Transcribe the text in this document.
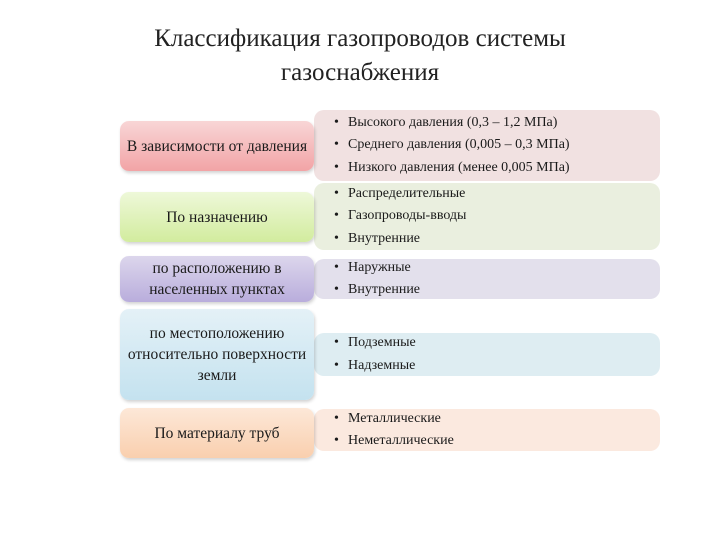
Классификация газопроводов системы
газоснабжения
• Высокого давления (0,3 – 1,2 МПа)
• Среднего давления (0,005 – 0,3 МПа)
• Низкого давления (менее 0,005 МПа)
В зависимости от давления
• Распределительные
• Газопроводы-вводы
• Внутренние
По назначению
• Наружные
• Внутренние
по расположению в населенных пунктах
• Подземные
• Надземные
по местоположению относительно поверхности земли
• Металлические
• Неметаллические
По материалу труб
